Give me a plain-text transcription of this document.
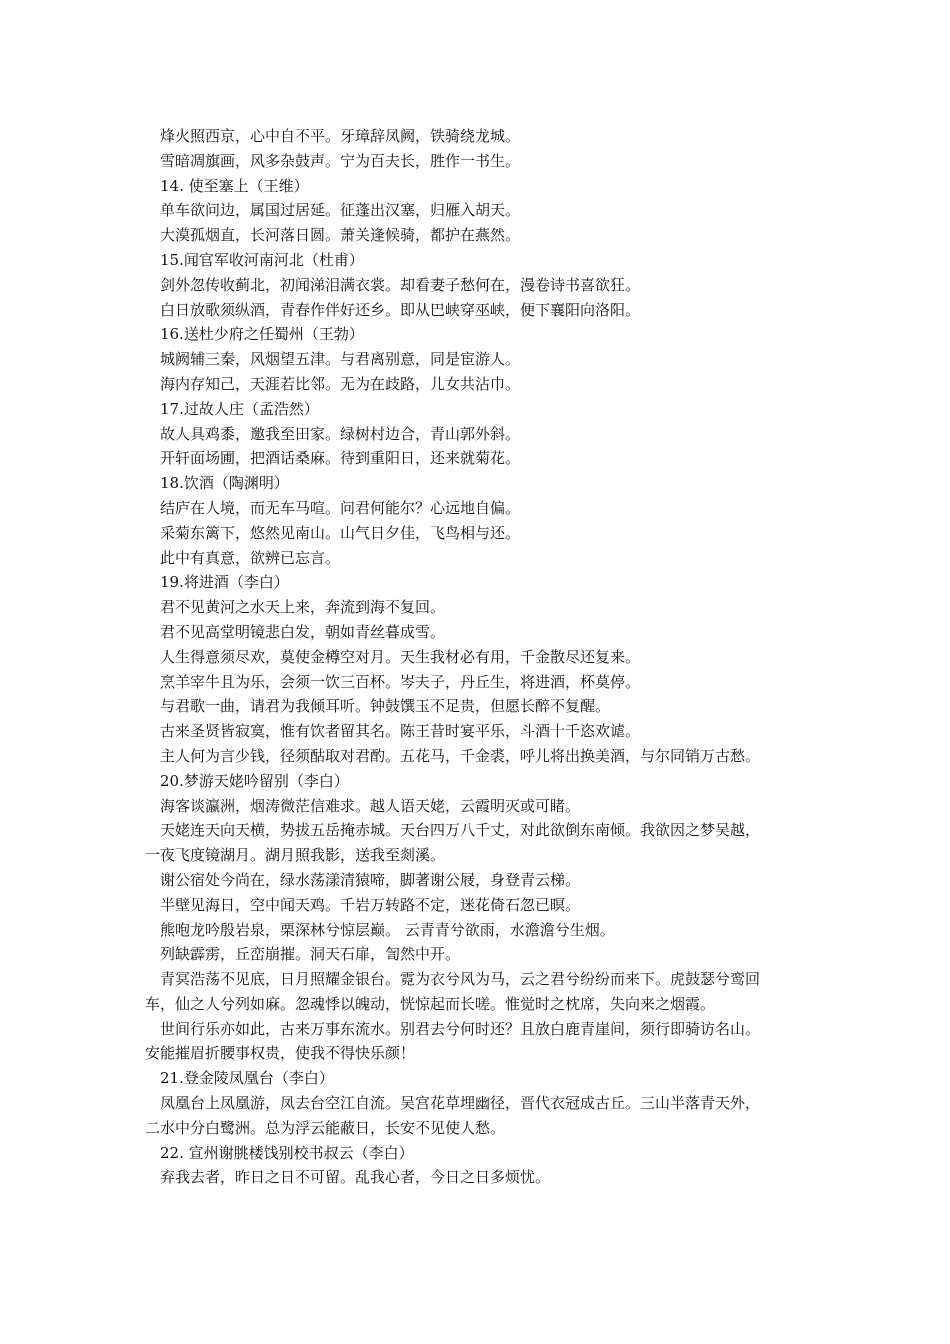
烽火照西京，心中自不平。牙璋辞凤阙，铁骑绕龙城。
雪暗凋旗画，风多杂鼓声。宁为百夫长，胜作一书生。
14. 使至塞上（王维）
单车欲问边，属国过居延。征蓬出汉塞，归雁入胡天。
大漠孤烟直，长河落日圆。萧关逢候骑，都护在燕然。
15.闻官军收河南河北（杜甫）
剑外忽传收蓟北，初闻涕泪满衣裳。却看妻子愁何在，漫卷诗书喜欲狂。
白日放歌须纵酒，青春作伴好还乡。即从巴峡穿巫峡，便下襄阳向洛阳。
16.送杜少府之任蜀州（王勃）
城阙辅三秦，风烟望五津。与君离别意，同是宦游人。
海内存知己，天涯若比邻。无为在歧路，儿女共沾巾。
17.过故人庄（孟浩然）
故人具鸡黍，邀我至田家。绿树村边合，青山郭外斜。
开轩面场圃，把酒话桑麻。待到重阳日，还来就菊花。
18.饮酒（陶渊明）
结庐在人境，而无车马喧。问君何能尔？心远地自偏。
采菊东篱下，悠然见南山。山气日夕佳，飞鸟相与还。
此中有真意，欲辨已忘言。
19.将进酒（李白）
君不见黄河之水天上来，奔流到海不复回。
君不见高堂明镜悲白发，朝如青丝暮成雪。
人生得意须尽欢，莫使金樽空对月。天生我材必有用，千金散尽还复来。
烹羊宰牛且为乐，会须一饮三百杯。岑夫子，丹丘生，将进酒，杯莫停。
与君歌一曲，请君为我倾耳听。钟鼓馔玉不足贵，但愿长醉不复醒。
古来圣贤皆寂寞，惟有饮者留其名。陈王昔时宴平乐，斗酒十千恣欢谑。
主人何为言少钱，径须酤取对君酌。五花马，千金裘，呼儿将出换美酒，与尔同销万古愁。
20.梦游天姥吟留别（李白）
海客谈瀛洲，烟涛微茫信难求。越人语天姥，云霞明灭或可睹。
天姥连天向天横，势拔五岳掩赤城。天台四万八千丈，对此欲倒东南倾。我欲因之梦吴越，
一夜飞度镜湖月。湖月照我影，送我至剡溪。
谢公宿处今尚在，绿水荡漾清猿啼，脚著谢公屐，身登青云梯。
半壁见海日，空中闻天鸡。千岩万转路不定，迷花倚石忽已暝。
熊咆龙吟殷岩泉，栗深林兮惊层巅。 云青青兮欲雨，水澹澹兮生烟。
列缺霹雳，丘峦崩摧。洞天石扉，訇然中开。
青冥浩荡不见底，日月照耀金银台。霓为衣兮风为马，云之君兮纷纷而来下。虎鼓瑟兮鸾回
车，仙之人兮列如麻。忽魂悸以魄动，恍惊起而长嗟。惟觉时之枕席，失向来之烟霞。
世间行乐亦如此，古来万事东流水。别君去兮何时还？且放白鹿青崖间，须行即骑访名山。
安能摧眉折腰事权贵，使我不得快乐颜！
21.登金陵凤凰台（李白）
凤凰台上凤凰游，凤去台空江自流。吴宫花草埋幽径，晋代衣冠成古丘。三山半落青天外，
二水中分白鹭洲。总为浮云能蔽日，长安不见使人愁。
22. 宣州谢朓楼饯别校书叔云（李白）
弃我去者，昨日之日不可留。乱我心者，今日之日多烦忧。
